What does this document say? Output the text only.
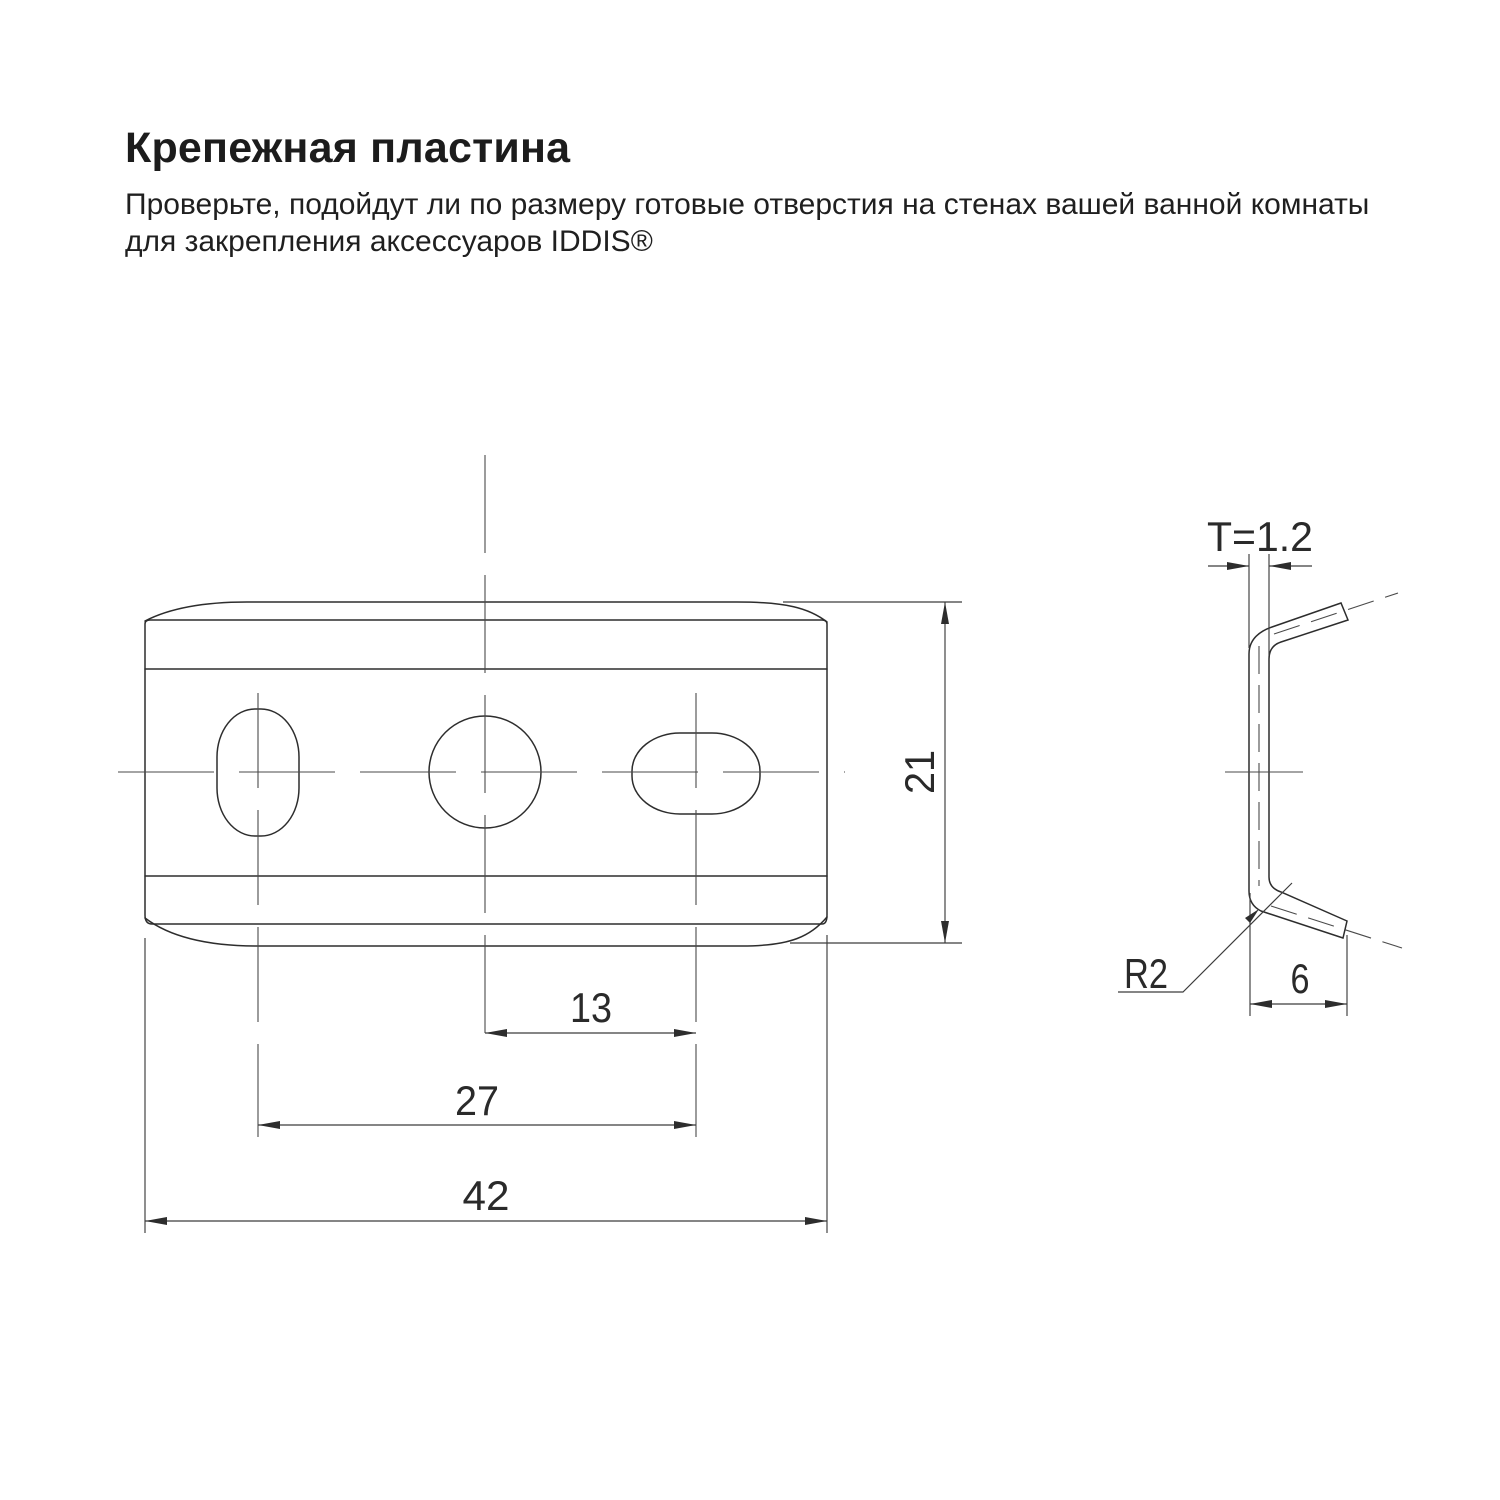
Крепежная пластина

Проверьте, подойдут ли по размеру готовые отверстия на стенах вашей ванной комнаты
для закрепления аксессуаров IDDIS®

13
27
42
21
T=1.2
6
R2
